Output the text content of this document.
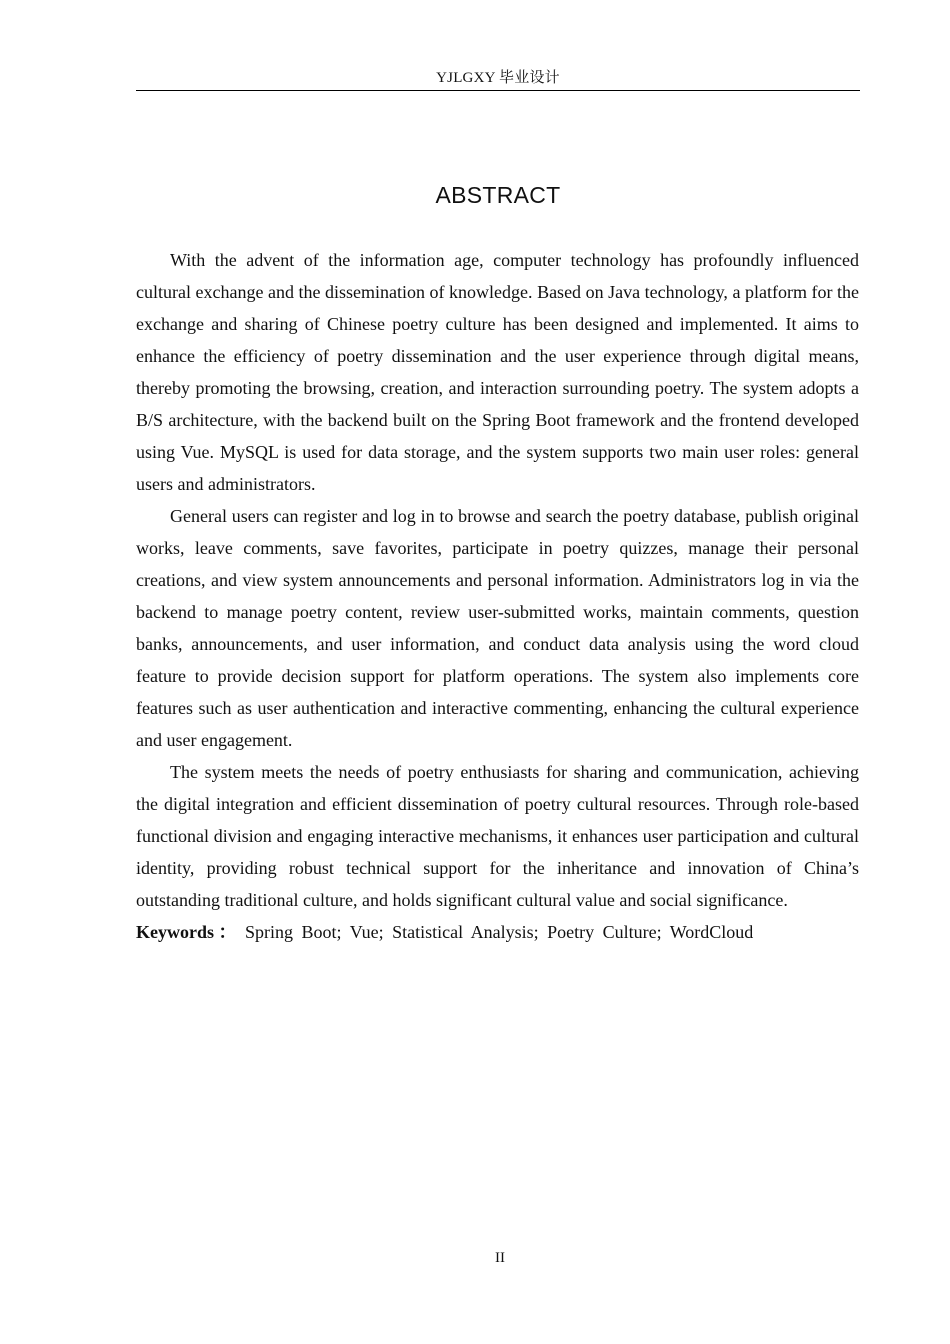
YJLGXY 毕业设计
ABSTRACT

With the advent of the information age, computer technology has profoundly influenced cultural exchange and the dissemination of knowledge. Based on Java technology, a platform for the exchange and sharing of Chinese poetry culture has been designed and implemented. It aims to enhance the efficiency of poetry dissemination and the user experience through digital means, thereby promoting the browsing, creation, and interaction surrounding poetry. The system adopts a B/S architecture, with the backend built on the Spring Boot framework and the frontend developed using Vue. MySQL is used for data storage, and the system supports two main user roles: general users and administrators.

General users can register and log in to browse and search the poetry database, publish original works, leave comments, save favorites, participate in poetry quizzes, manage their personal creations, and view system announcements and personal information. Administrators log in via the backend to manage poetry content, review user-submitted works, maintain comments, question banks, announcements, and user information, and conduct data analysis using the word cloud feature to provide decision support for platform operations. The system also implements core features such as user authentication and interactive commenting, enhancing the cultural experience and user engagement.

The system meets the needs of poetry enthusiasts for sharing and communication, achieving the digital integration and efficient dissemination of poetry cultural resources. Through role-based functional division and engaging interactive mechanisms, it enhances user participation and cultural identity, providing robust technical support for the inheritance and innovation of China’s outstanding traditional culture, and holds significant cultural value and social significance.

Keywords ： Spring Boot; Vue; Statistical Analysis; Poetry Culture; WordCloud
II
